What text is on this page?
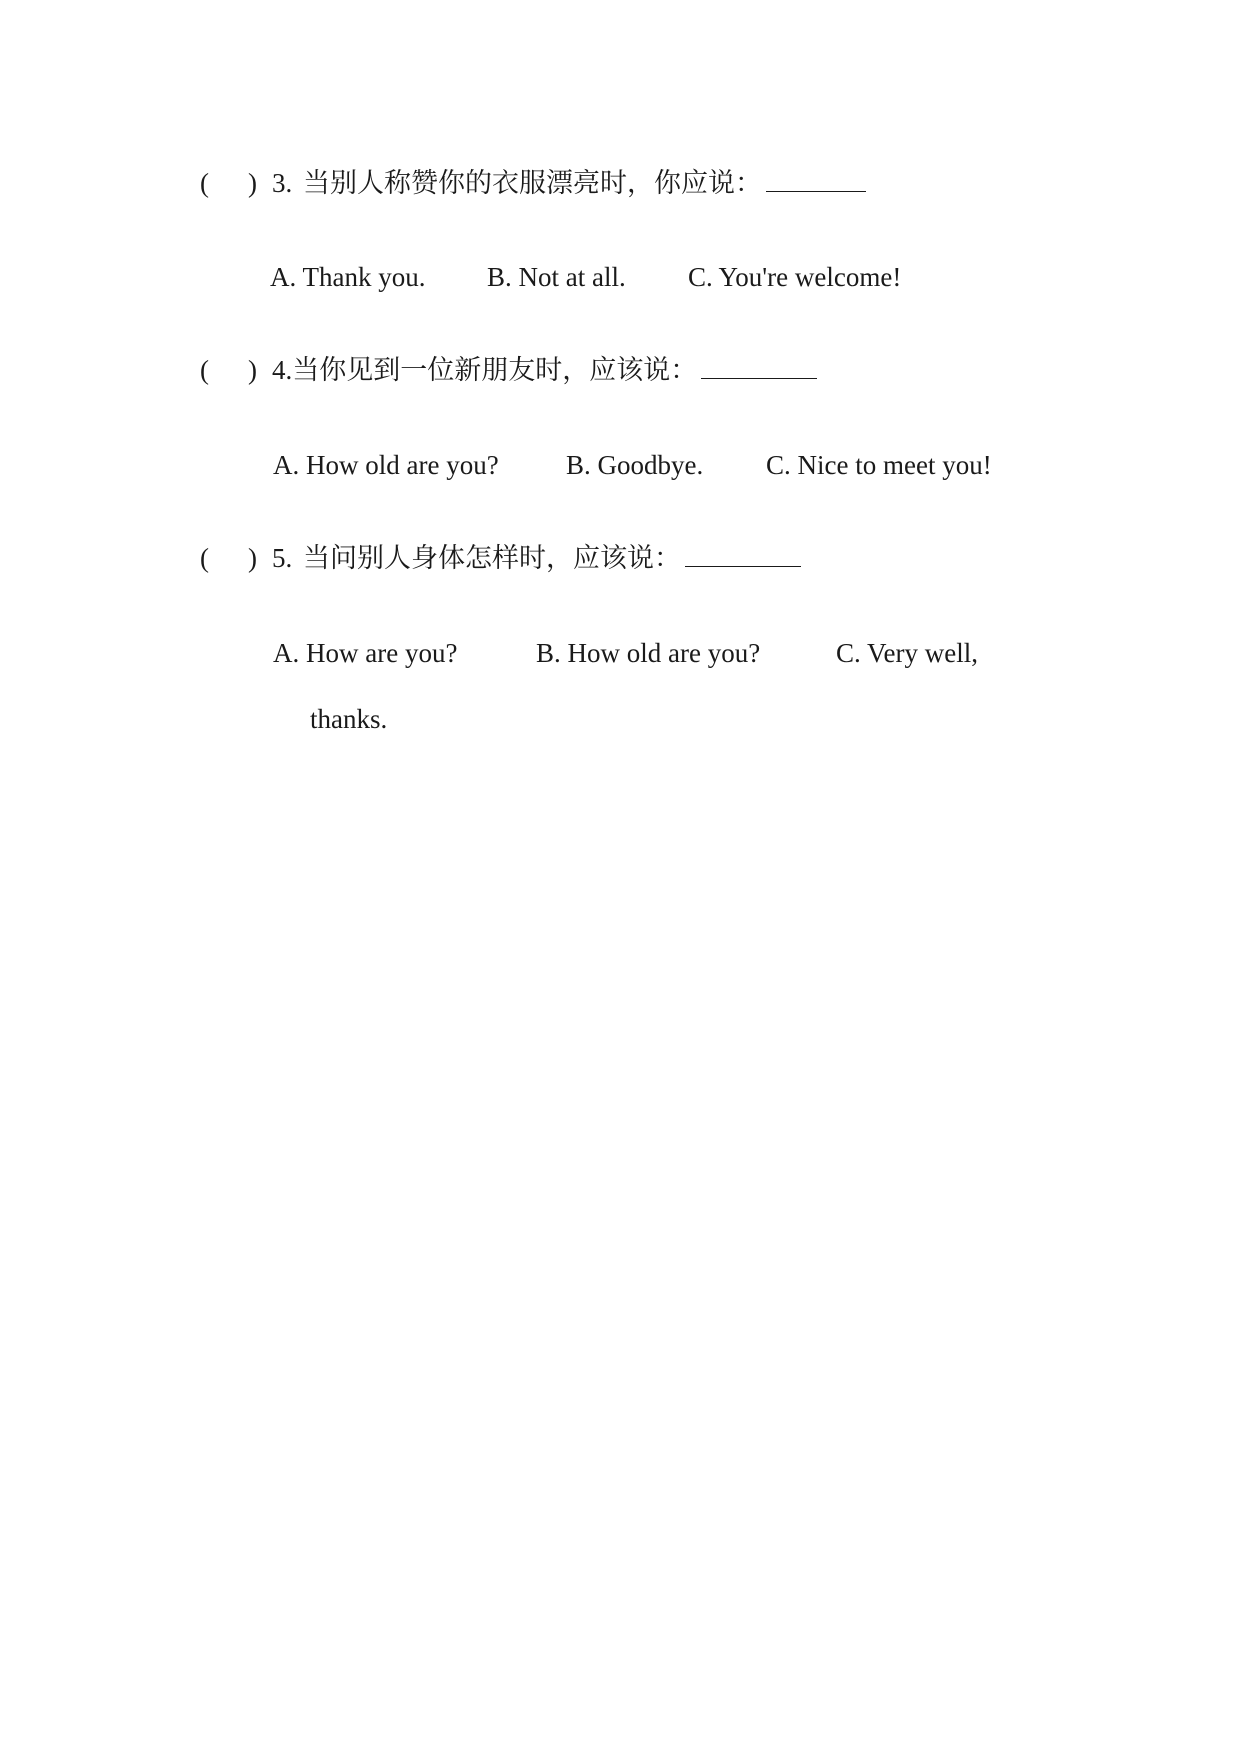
( ) 3. 当别人称赞你的衣服漂亮时，你应说：
A. Thank you. B. Not at all. C. You're welcome!
( ) 4.当你见到一位新朋友时，应该说：
A. How old are you? B. Goodbye. C. Nice to meet you!
( ) 5. 当问别人身体怎样时，应该说：
A. How are you?	B. How old are you?	C. Very well,
thanks.
